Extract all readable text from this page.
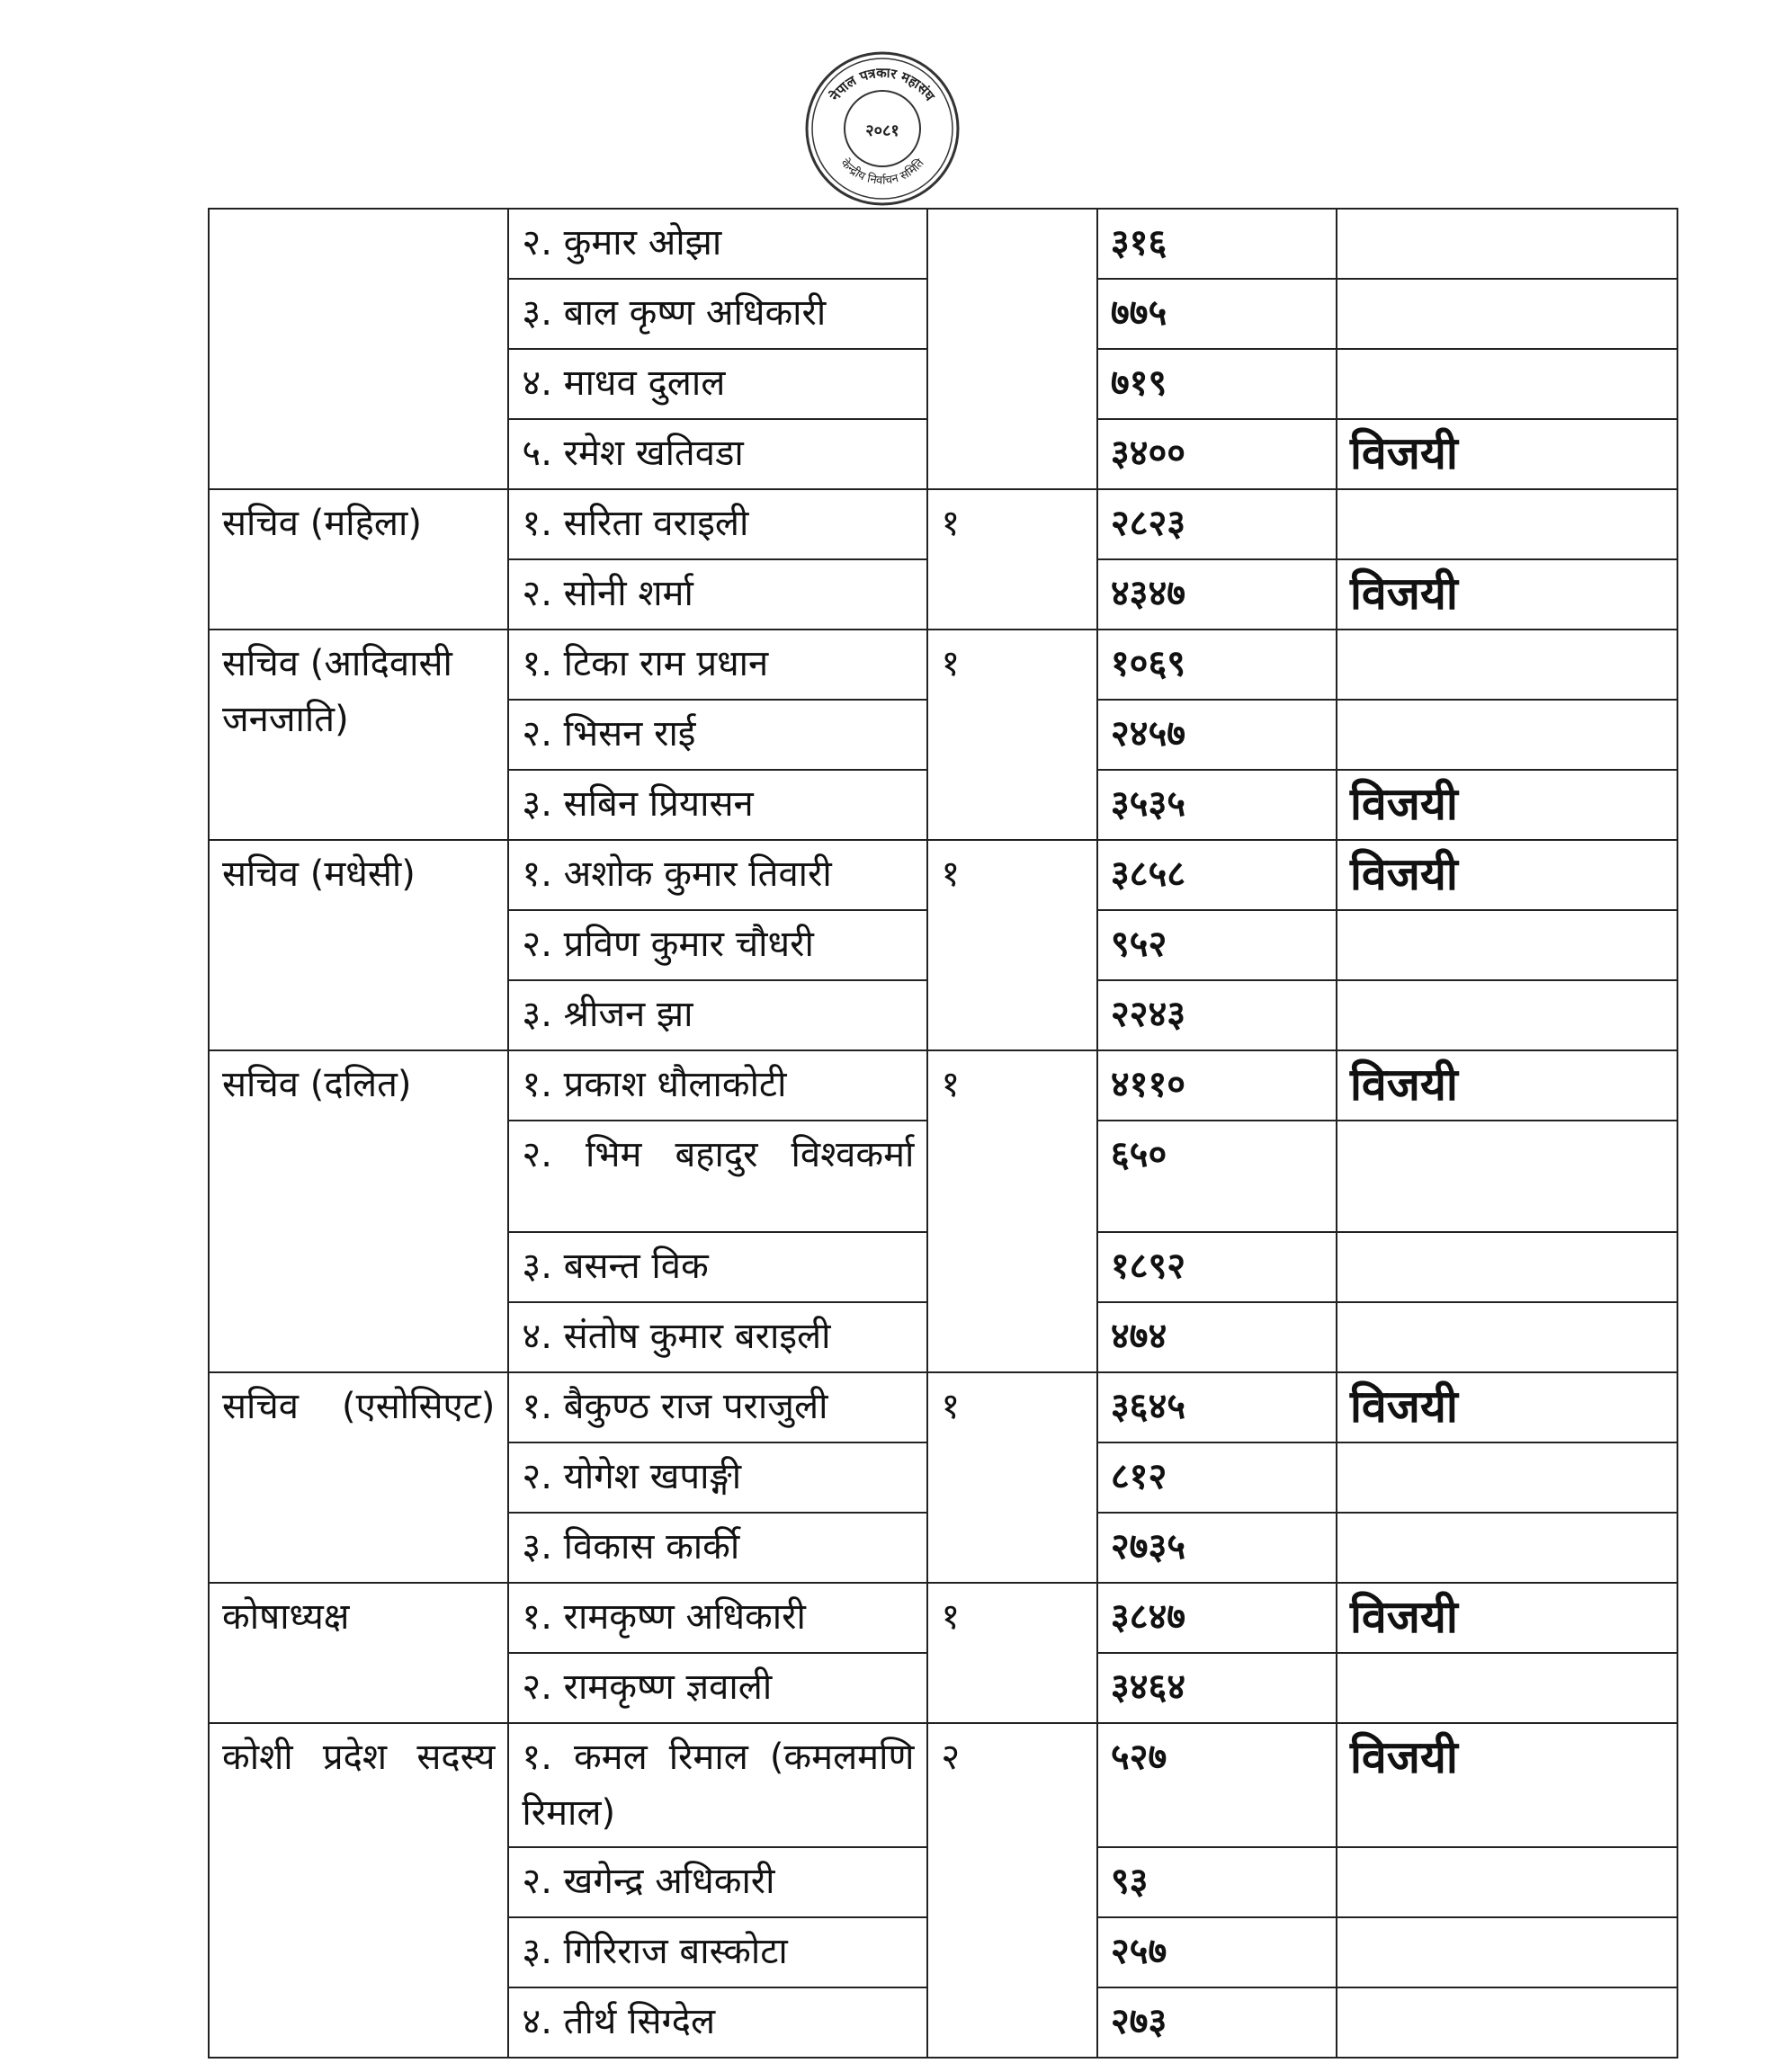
नेपाल पत्रकार महासंघ
केन्द्रीय निर्वाचन समिति
२०८१
	२. कुमार ओझा		३१६	
	३. बाल कृष्ण अधिकारी		७७५	
	४. माधव दुलाल		७१९	
	५. रमेश खतिवडा		३४००	विजयी
सचिव (महिला)	१. सरिता वराइली	१	२८२३	
	२. सोनी शर्मा		४३४७	विजयी
सचिव (आदिवासी जनजाति)	१. टिका राम प्रधान	१	१०६९	
	२. भिसन राई		२४५७	
	३. सबिन प्रियासन		३५३५	विजयी
सचिव (मधेसी)	१. अशोक कुमार तिवारी	१	३८५८	विजयी
	२. प्रविण कुमार चौधरी		९५२	
	३. श्रीजन झा		२२४३	
सचिव (दलित)	१. प्रकाश धौलाकोटी	१	४११०	विजयी
	२. भिम बहादुर विश्वकर्मा		६५०	
	३. बसन्त विक		१८९२	
	४. संतोष कुमार बराइली		४७४	
सचिव (एसोसिएट)	१. बैकुण्ठ राज पराजुली	१	३६४५	विजयी
	२. योगेश खपाङ्गी		८१२	
	३. विकास कार्की		२७३५	
कोषाध्यक्ष	१. रामकृष्ण अधिकारी	१	३८४७	विजयी
	२. रामकृष्ण ज्ञवाली		३४६४	
कोशी प्रदेश सदस्य	१. कमल रिमाल (कमलमणि रिमाल)	२	५२७	विजयी
	२. खगेन्द्र अधिकारी		९३	
	३. गिरिराज बास्कोटा		२५७	
	४. तीर्थ सिग्देल		२७३	
